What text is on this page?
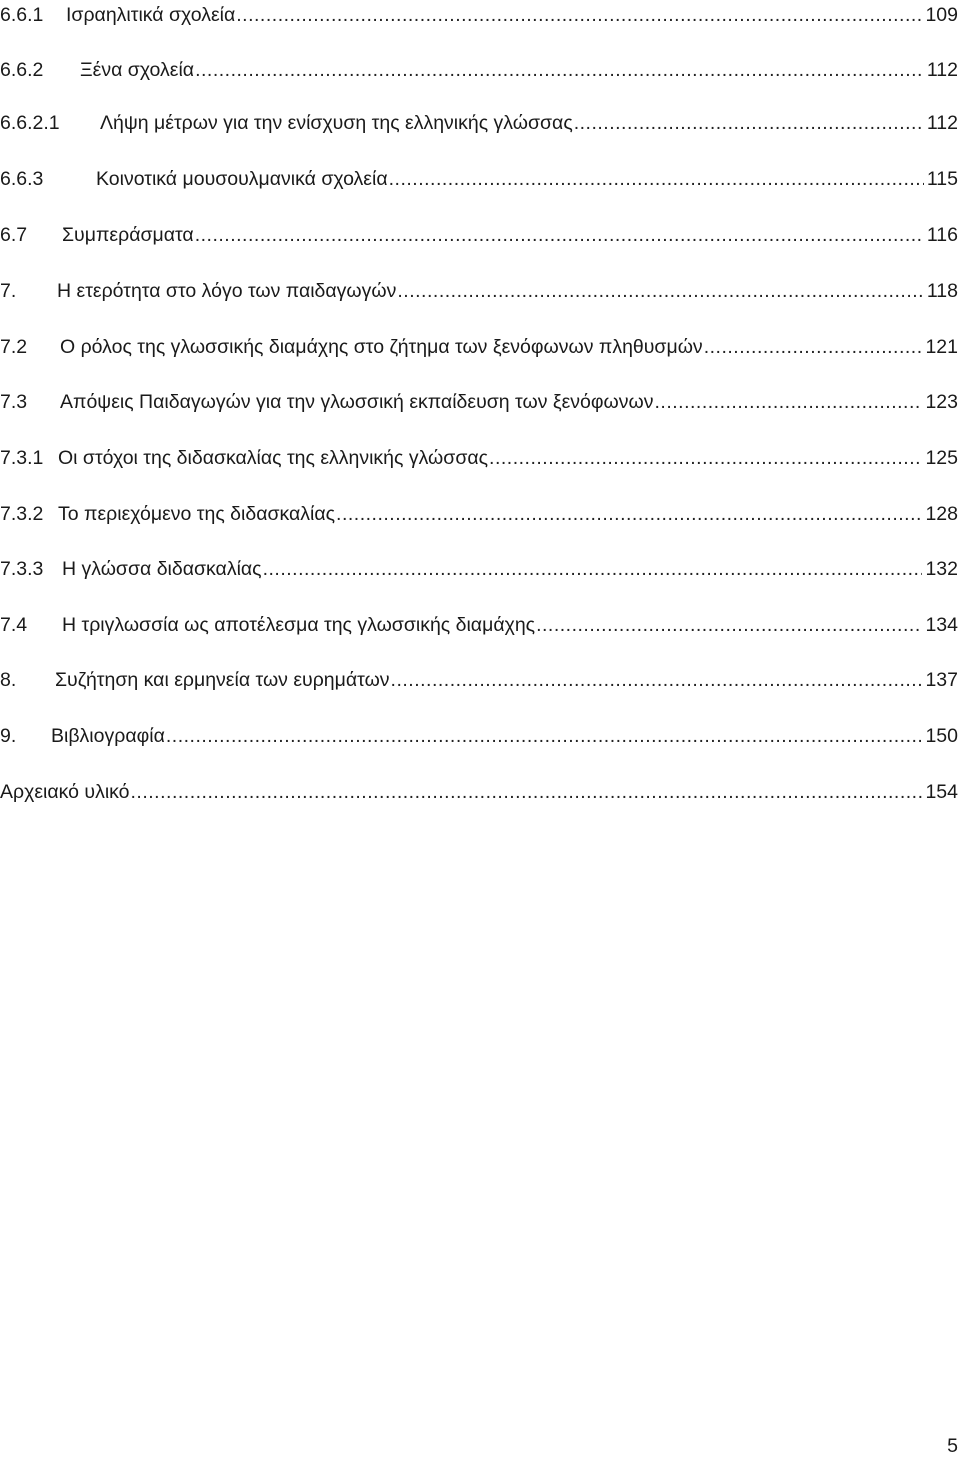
6.6.1	Ισραηλιτικά σχολεία .....	109
6.6.2	Ξένα σχολεία .....	112
6.6.2.1	Λήψη μέτρων για την ενίσχυση της ελληνικής γλώσσας .....	112
6.6.3	Κοινοτικά μουσουλμανικά σχολεία .....	115
6.7	Συμπεράσματα .....	116
7.	Η ετερότητα στο λόγο των παιδαγωγών .....	118
7.2	Ο ρόλος της γλωσσικής διαμάχης στο ζήτημα των ξενόφωνων πληθυσμών .....	121
7.3	Απόψεις Παιδαγωγών για την γλωσσική εκπαίδευση των ξενόφωνων .....	123
7.3.1 Οι στόχοι της διδασκαλίας της ελληνικής γλώσσας .....	125
7.3.2 Το περιεχόμενο της διδασκαλίας .....	128
7.3.3 Η γλώσσα διδασκαλίας .....	132
7.4	Η τριγλωσσία ως αποτέλεσμα της γλωσσικής διαμάχης .....	134
8.	Συζήτηση και ερμηνεία των ευρημάτων .....	137
9.	Βιβλιογραφία .....	150
Αρχειακό υλικό .....	154
5
